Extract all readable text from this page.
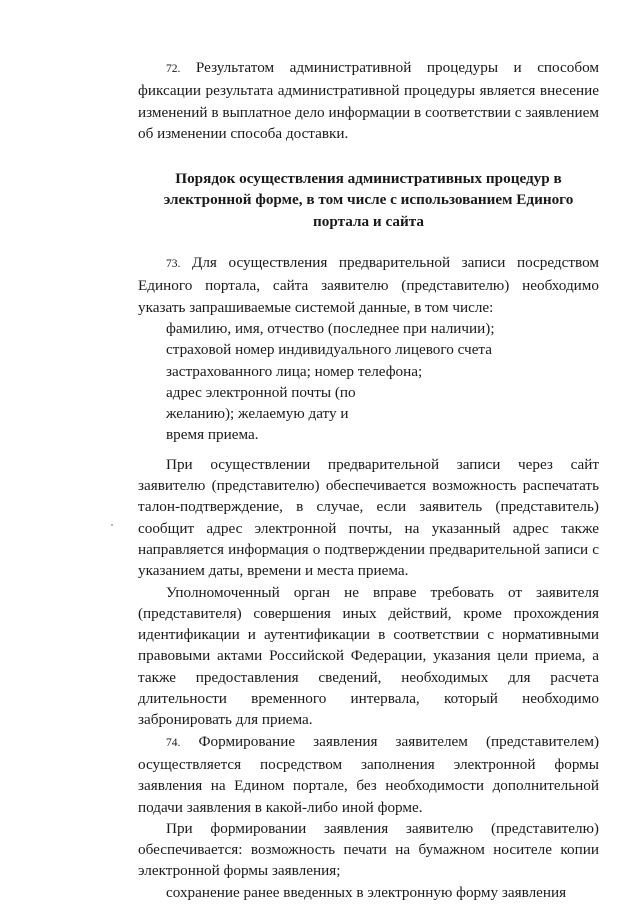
72. Результатом административной процедуры и способом фиксации результата административной процедуры является внесение изменений в выплатное дело информации в соответствии с заявлением об изменении способа доставки.

Порядок осуществления административных процедур в электронной форме, в том числе с использованием Единого портала и сайта

73. Для осуществления предварительной записи посредством Единого портала, сайта заявителю (представителю) необходимо указать запрашиваемые системой данные, в том числе:

фамилию, имя, отчество (последнее при наличии);
страховой номер индивидуального лицевого счета
застрахованного лица; номер телефона;
адрес электронной почты (по
желанию); желаемую дату и
время приема.

При осуществлении предварительной записи через сайт заявителю (представителю) обеспечивается возможность распечатать талон-подтверждение, в случае, если заявитель (представитель) сообщит адрес электронной почты, на указанный адрес также направляется информация о подтверждении предварительной записи с указанием даты, времени и места приема.

Уполномоченный орган не вправе требовать от заявителя (представителя) совершения иных действий, кроме прохождения идентификации и аутентификации в соответствии с нормативными правовыми актами Российской Федерации, указания цели приема, а также предоставления сведений, необходимых для расчета длительности временного интервала, который необходимо забронировать для приема.

74. Формирование заявления заявителем (представителем) осуществляется посредством заполнения электронной формы заявления на Едином портале, без необходимости дополнительной подачи заявления в какой-либо иной форме.

При формировании заявления заявителю (представителю) обеспечивается: возможность печати на бумажном носителе копии электронной формы заявления;

сохранение ранее введенных в электронную форму заявления
